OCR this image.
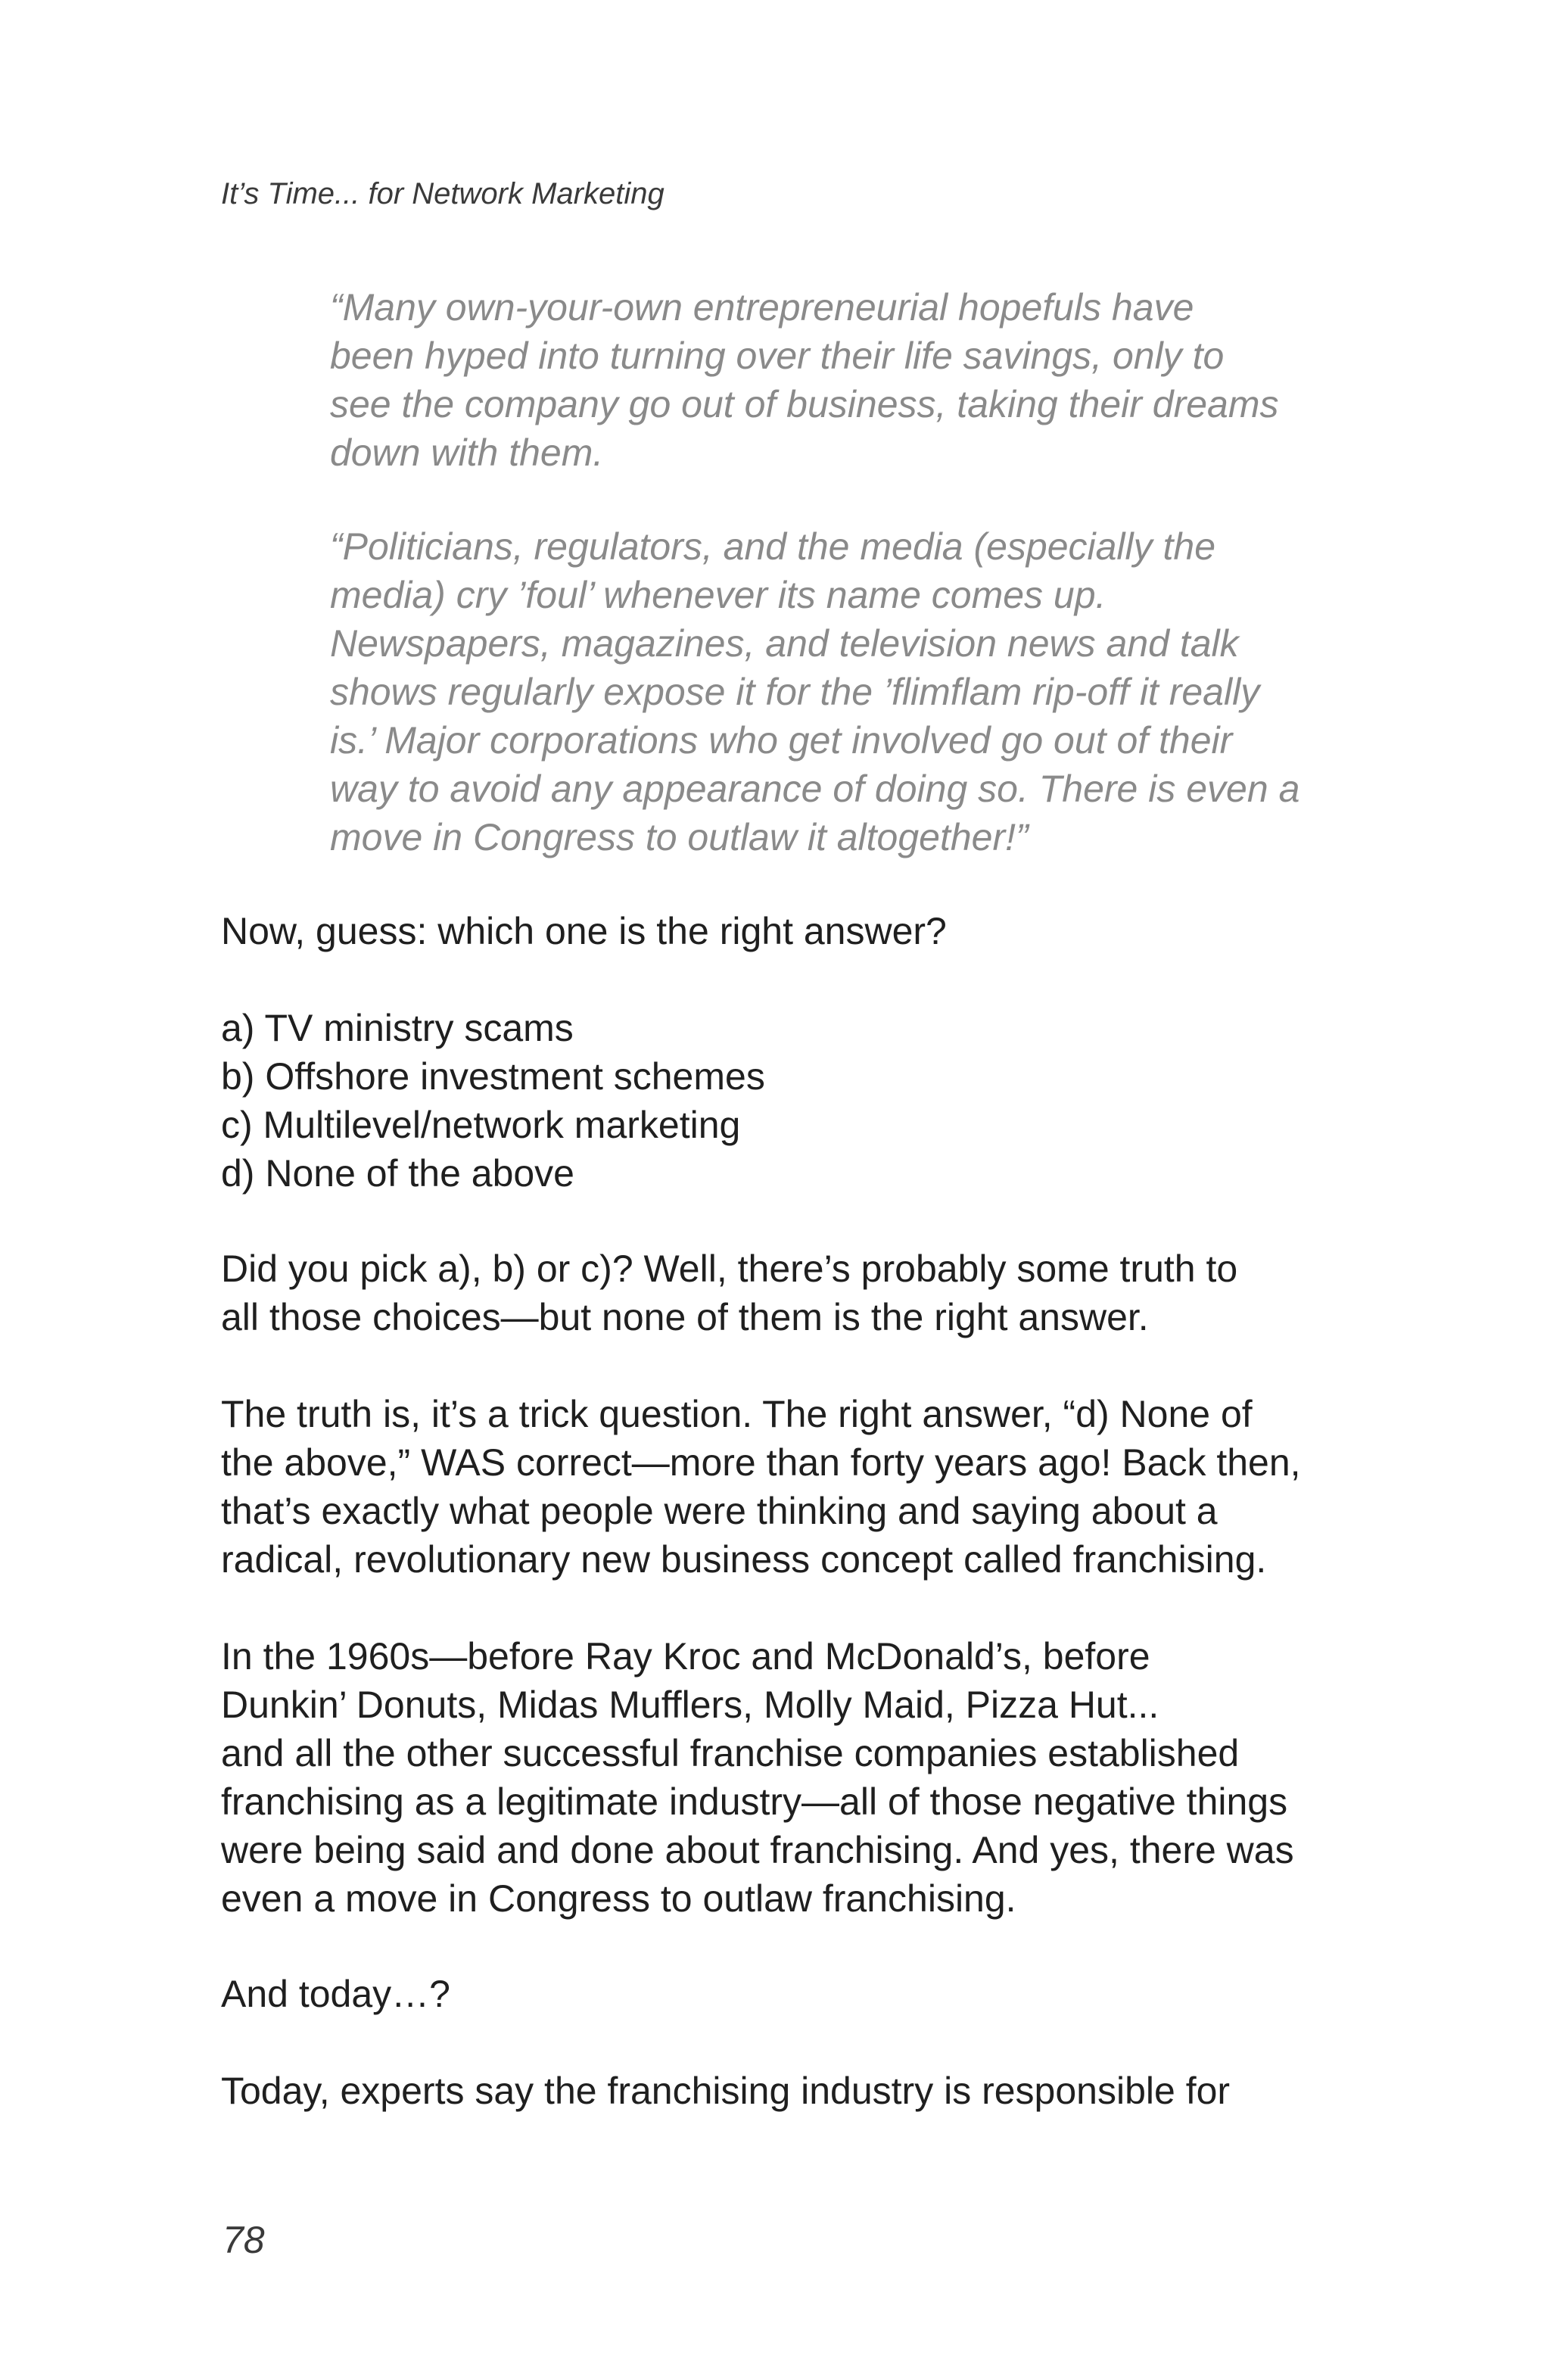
It’s Time... for Network Marketing
“Many own-your-own entrepreneurial hopefuls have
been hyped into turning over their life savings, only to
see the company go out of business, taking their dreams
down with them.
“Politicians, regulators, and the media (especially the
media) cry ’foul’ whenever its name comes up.
Newspapers, magazines, and television news and talk
shows regularly expose it for the ’flimflam rip-off it really
is.’ Major corporations who get involved go out of their
way to avoid any appearance of doing so. There is even a
move in Congress to outlaw it altogether!”
Now, guess: which one is the right answer?
a) TV ministry scams
b) Offshore investment schemes
c) Multilevel/network marketing
d) None of the above
Did you pick a), b) or c)? Well, there’s probably some truth to
all those choices—but none of them is the right answer.
The truth is, it’s a trick question. The right answer, “d) None of
the above,” WAS correct—more than forty years ago! Back then,
that’s exactly what people were thinking and saying about a
radical, revolutionary new business concept called franchising.
In the 1960s—before Ray Kroc and McDonald’s, before
Dunkin’ Donuts, Midas Mufflers, Molly Maid, Pizza Hut...
and all the other successful franchise companies established
franchising as a legitimate industry—all of those negative things
were being said and done about franchising. And yes, there was
even a move in Congress to outlaw franchising.
And today…?
Today, experts say the franchising industry is responsible for
78
